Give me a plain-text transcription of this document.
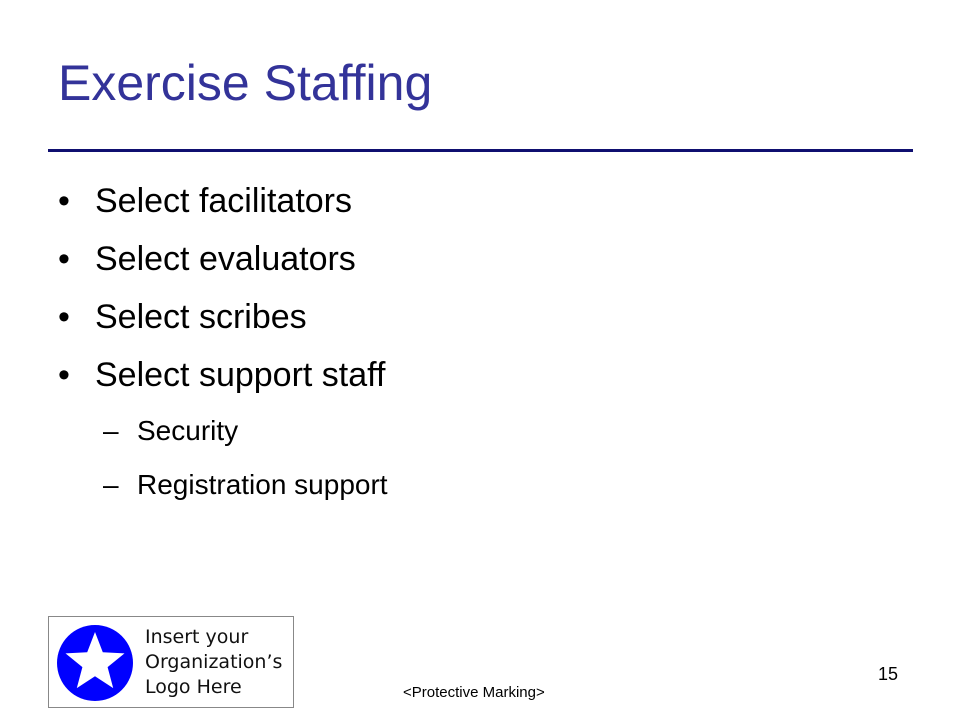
Exercise Staffing
• Select facilitators
• Select evaluators
• Select scribes
• Select support staff
– Security
– Registration support
Insert your
Organization’s
Logo Here	<Protective Marking>
15
